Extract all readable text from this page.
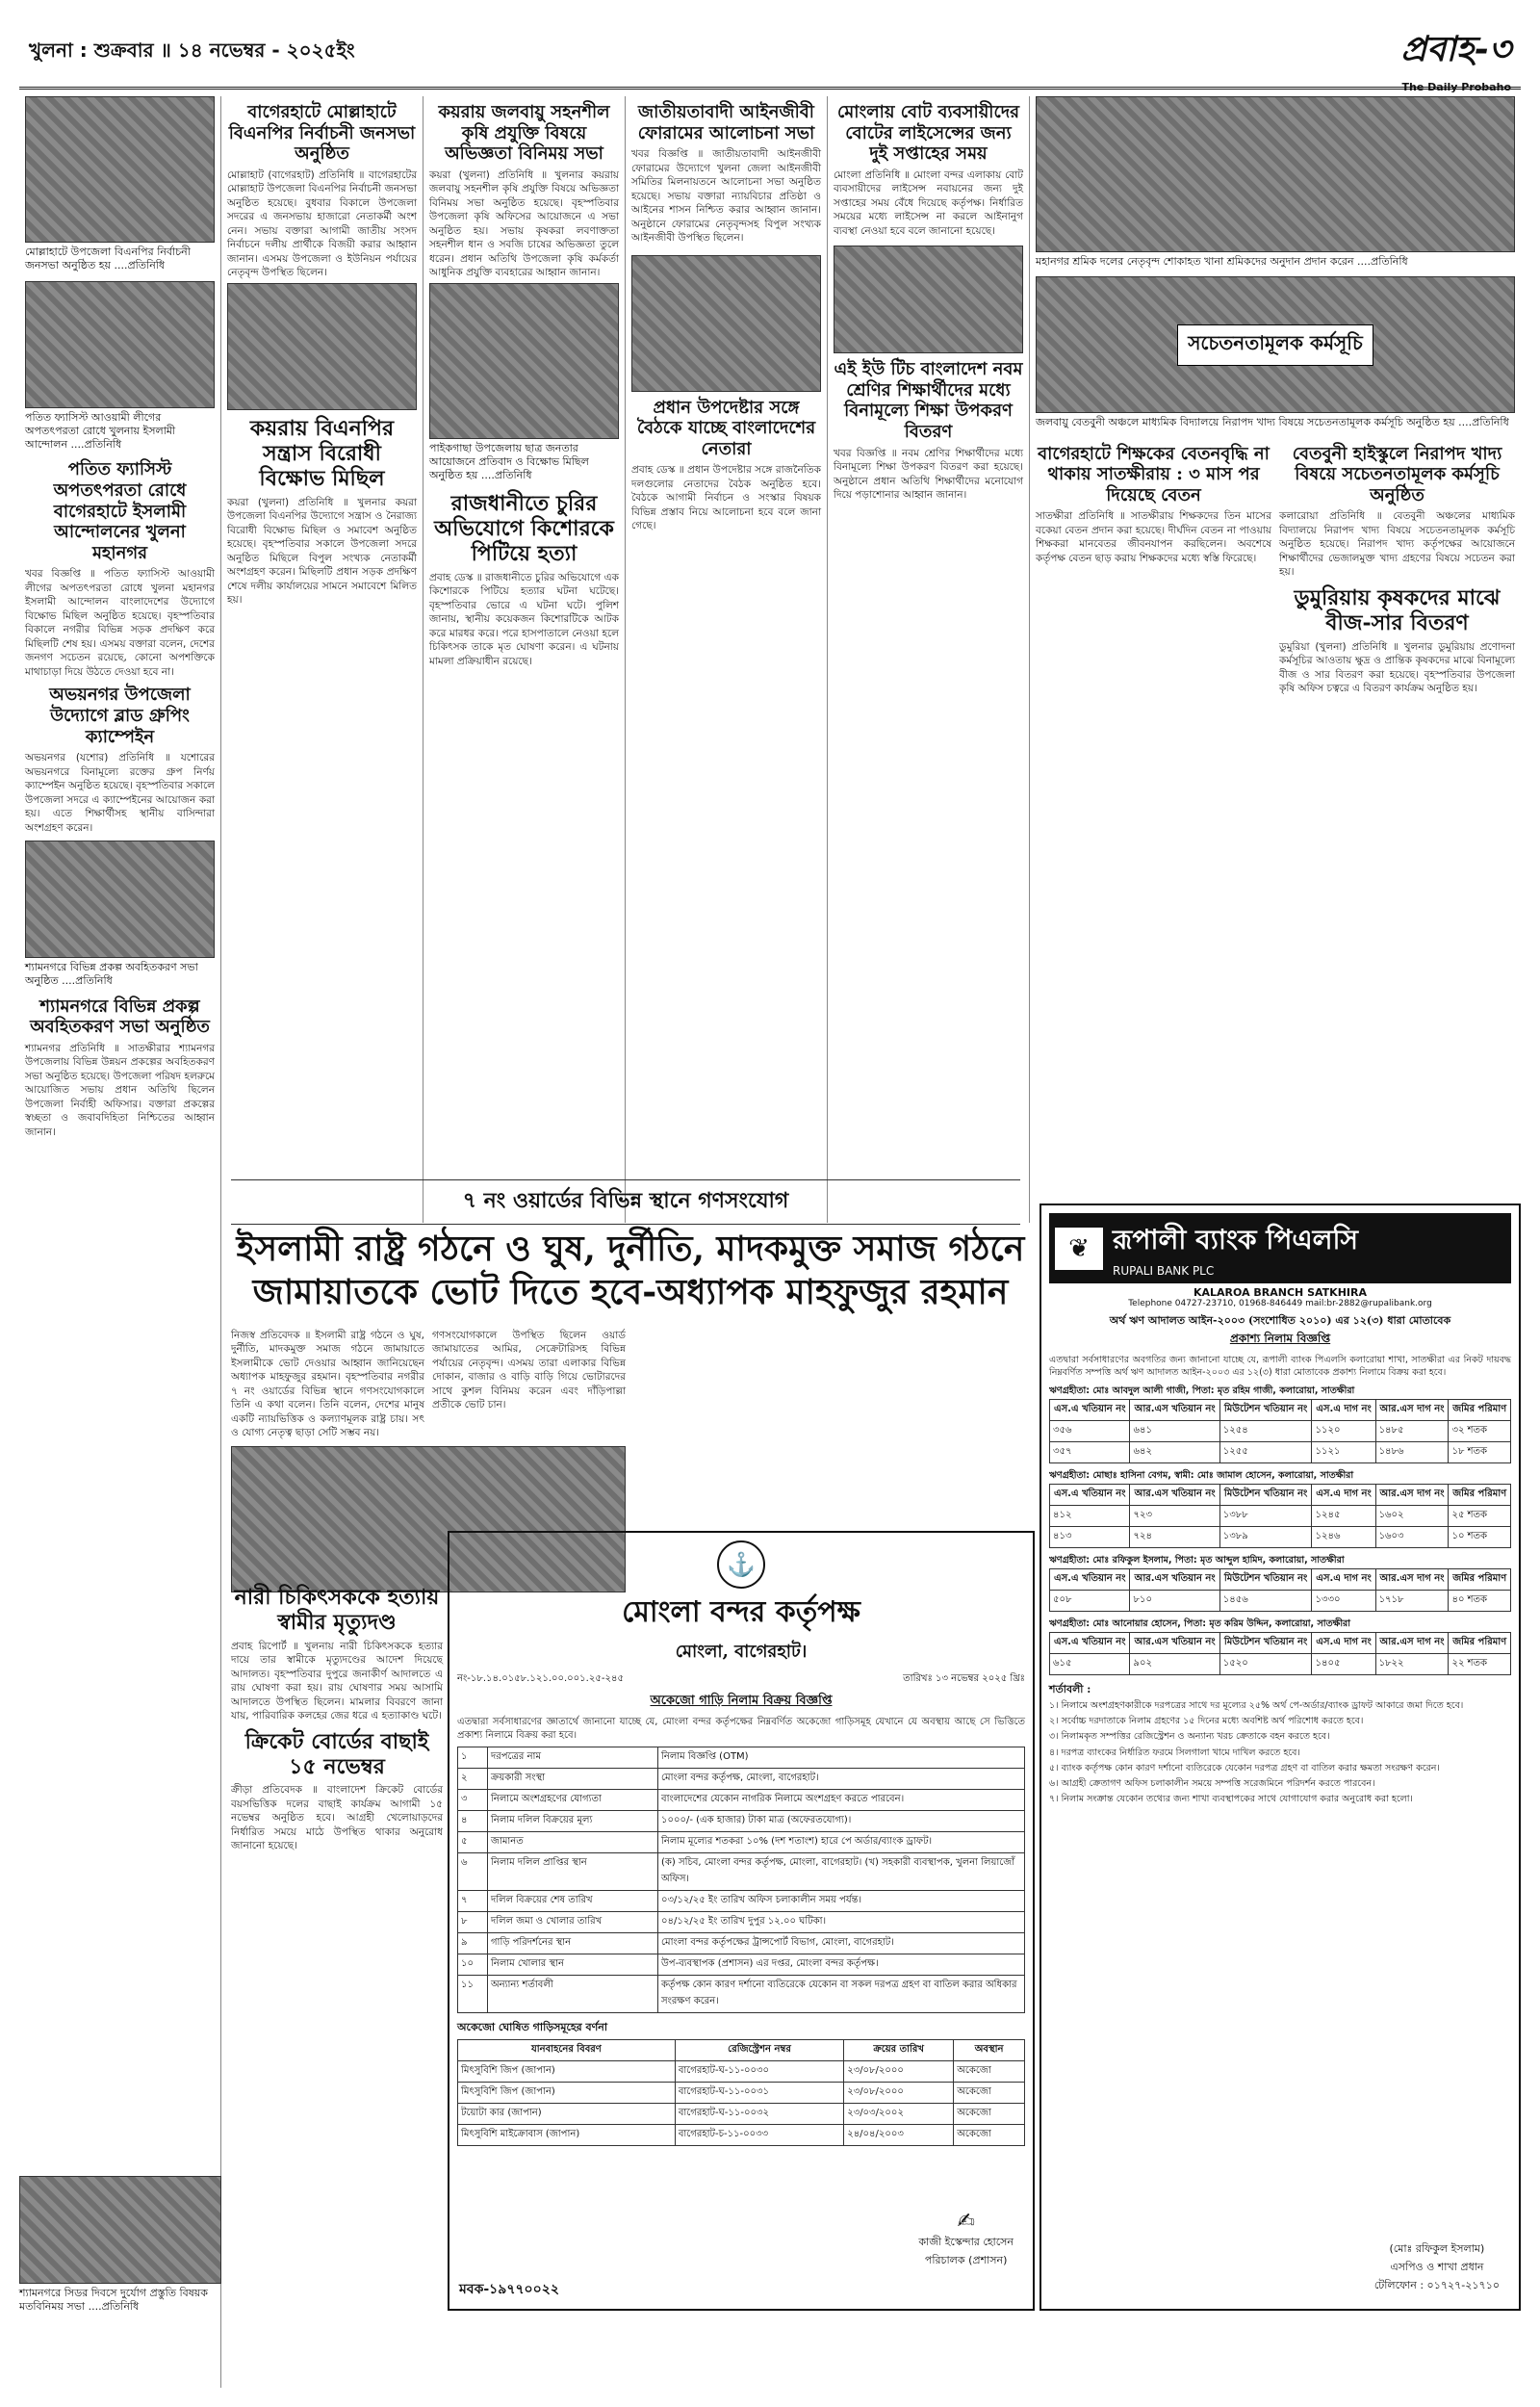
খুলনা : শুক্রবার ॥ ১৪ নভেম্বর - ২০২৫ইং	প্রবাহ-৩
The Daily Probaho
মোল্লাহাটে উপজেলা বিএনপির নির্বাচনী জনসভা অনুষ্ঠিত হয় ....প্রতিনিধি
পতিত ফ্যাসিস্ট আওয়ামী লীগের অপতৎপরতা রোধে খুলনায় ইসলামী আন্দোলন ....প্রতিনিধি
পতিত ফ্যাসিস্ট অপতৎপরতা রোধে বাগেরহাটে ইসলামী আন্দোলনের খুলনা মহানগর

খবর বিজ্ঞপ্তি ॥ পতিত ফ্যাসিস্ট আওয়ামী লীগের অপতৎপরতা রোধে খুলনা মহানগর ইসলামী আন্দোলন বাংলাদেশের উদ্যোগে বিক্ষোভ মিছিল অনুষ্ঠিত হয়েছে। বৃহস্পতিবার বিকালে নগরীর বিভিন্ন সড়ক প্রদক্ষিণ করে মিছিলটি শেষ হয়। এসময় বক্তারা বলেন, দেশের জনগণ সচেতন রয়েছে, কোনো অপশক্তিকে মাথাচাড়া দিয়ে উঠতে দেওয়া হবে না।

অভয়নগর উপজেলা উদ্যোগে ব্লাড গ্রুপিং ক্যাম্পেইন

অভয়নগর (যশোর) প্রতিনিধি ॥ যশোরের অভয়নগরে বিনামূল্যে রক্তের গ্রুপ নির্ণয় ক্যাম্পেইন অনুষ্ঠিত হয়েছে। বৃহস্পতিবার সকালে উপজেলা সদরে এ ক্যাম্পেইনের আয়োজন করা হয়। এতে শিক্ষার্থীসহ স্থানীয় বাসিন্দারা অংশগ্রহণ করেন।

শ্যামনগরে বিভিন্ন প্রকল্প অবহিতকরণ সভা অনুষ্ঠিত ....প্রতিনিধি
শ্যামনগরে বিভিন্ন প্রকল্প অবহিতকরণ সভা অনুষ্ঠিত

শ্যামনগর প্রতিনিধি ॥ সাতক্ষীরার শ্যামনগর উপজেলায় বিভিন্ন উন্নয়ন প্রকল্পের অবহিতকরণ সভা অনুষ্ঠিত হয়েছে। উপজেলা পরিষদ হলরুমে আয়োজিত সভায় প্রধান অতিথি ছিলেন উপজেলা নির্বাহী অফিসার। বক্তারা প্রকল্পের স্বচ্ছতা ও জবাবদিহিতা নিশ্চিতের আহ্বান জানান।

বাগেরহাটে মোল্লাহাটে বিএনপির নির্বাচনী জনসভা অনুষ্ঠিত

মোল্লাহাট (বাগেরহাট) প্রতিনিধি ॥ বাগেরহাটের মোল্লাহাট উপজেলা বিএনপির নির্বাচনী জনসভা অনুষ্ঠিত হয়েছে। বুধবার বিকালে উপজেলা সদরের এ জনসভায় হাজারো নেতাকর্মী অংশ নেন। সভায় বক্তারা আগামী জাতীয় সংসদ নির্বাচনে দলীয় প্রার্থীকে বিজয়ী করার আহ্বান জানান। এসময় উপজেলা ও ইউনিয়ন পর্যায়ের নেতৃবৃন্দ উপস্থিত ছিলেন।

কয়রায় বিএনপির সন্ত্রাস বিরোধী বিক্ষোভ মিছিল

কয়রা (খুলনা) প্রতিনিধি ॥ খুলনার কয়রা উপজেলা বিএনপির উদ্যোগে সন্ত্রাস ও নৈরাজ্য বিরোধী বিক্ষোভ মিছিল ও সমাবেশ অনুষ্ঠিত হয়েছে। বৃহস্পতিবার সকালে উপজেলা সদরে অনুষ্ঠিত মিছিলে বিপুল সংখ্যক নেতাকর্মী অংশগ্রহণ করেন। মিছিলটি প্রধান সড়ক প্রদক্ষিণ শেষে দলীয় কার্যালয়ের সামনে সমাবেশে মিলিত হয়।

কয়রায় জলবায়ু সহনশীল কৃষি প্রযুক্তি বিষয়ে অভিজ্ঞতা বিনিময় সভা

কয়রা (খুলনা) প্রতিনিধি ॥ খুলনার কয়রায় জলবায়ু সহনশীল কৃষি প্রযুক্তি বিষয়ে অভিজ্ঞতা বিনিময় সভা অনুষ্ঠিত হয়েছে। বৃহস্পতিবার উপজেলা কৃষি অফিসের আয়োজনে এ সভা অনুষ্ঠিত হয়। সভায় কৃষকরা লবণাক্ততা সহনশীল ধান ও সবজি চাষের অভিজ্ঞতা তুলে ধরেন। প্রধান অতিথি উপজেলা কৃষি কর্মকর্তা আধুনিক প্রযুক্তি ব্যবহারের আহ্বান জানান।

পাইকগাছা উপজেলায় ছাত্র জনতার আয়োজনে প্রতিবাদ ও বিক্ষোভ মিছিল অনুষ্ঠিত হয় ....প্রতিনিধি
রাজধানীতে চুরির অভিযোগে কিশোরকে পিটিয়ে হত্যা

প্রবাহ ডেস্ক ॥ রাজধানীতে চুরির অভিযোগে এক কিশোরকে পিটিয়ে হত্যার ঘটনা ঘটেছে। বৃহস্পতিবার ভোরে এ ঘটনা ঘটে। পুলিশ জানায়, স্থানীয় কয়েকজন কিশোরটিকে আটক করে মারধর করে। পরে হাসপাতালে নেওয়া হলে চিকিৎসক তাকে মৃত ঘোষণা করেন। এ ঘটনায় মামলা প্রক্রিয়াধীন রয়েছে।

জাতীয়তাবাদী আইনজীবী ফোরামের আলোচনা সভা

খবর বিজ্ঞপ্তি ॥ জাতীয়তাবাদী আইনজীবী ফোরামের উদ্যোগে খুলনা জেলা আইনজীবী সমিতির মিলনায়তনে আলোচনা সভা অনুষ্ঠিত হয়েছে। সভায় বক্তারা ন্যায়বিচার প্রতিষ্ঠা ও আইনের শাসন নিশ্চিত করার আহ্বান জানান। অনুষ্ঠানে ফোরামের নেতৃবৃন্দসহ বিপুল সংখ্যক আইনজীবী উপস্থিত ছিলেন।

প্রধান উপদেষ্টার সঙ্গে বৈঠকে যাচ্ছে বাংলাদেশের নেতারা

প্রবাহ ডেস্ক ॥ প্রধান উপদেষ্টার সঙ্গে রাজনৈতিক দলগুলোর নেতাদের বৈঠক অনুষ্ঠিত হবে। বৈঠকে আগামী নির্বাচন ও সংস্কার বিষয়ক বিভিন্ন প্রস্তাব নিয়ে আলোচনা হবে বলে জানা গেছে।

মোংলায় বোট ব্যবসায়ীদের বোটের লাইসেন্সের জন্য দুই সপ্তাহের সময়

মোংলা প্রতিনিধি ॥ মোংলা বন্দর এলাকায় বোট ব্যবসায়ীদের লাইসেন্স নবায়নের জন্য দুই সপ্তাহের সময় বেঁধে দিয়েছে কর্তৃপক্ষ। নির্ধারিত সময়ের মধ্যে লাইসেন্স না করলে আইনানুগ ব্যবস্থা নেওয়া হবে বলে জানানো হয়েছে।

এই ইউ টিচ বাংলাদেশ নবম শ্রেণির শিক্ষার্থীদের মধ্যে বিনামূল্যে শিক্ষা উপকরণ বিতরণ

খবর বিজ্ঞপ্তি ॥ নবম শ্রেণির শিক্ষার্থীদের মধ্যে বিনামূল্যে শিক্ষা উপকরণ বিতরণ করা হয়েছে। অনুষ্ঠানে প্রধান অতিথি শিক্ষার্থীদের মনোযোগ দিয়ে পড়াশোনার আহ্বান জানান।

মহানগর শ্রমিক দলের নেতৃবৃন্দ শোকাহত খানা শ্রমিকদের অনুদান প্রদান করেন ....প্রতিনিধি
সচেতনতামূলক কর্মসূচি
জলবায়ু বেতবুনী অঞ্চলে মাধ্যমিক বিদ্যালয়ে নিরাপদ খাদ্য বিষয়ে সচেতনতামূলক কর্মসূচি অনুষ্ঠিত হয় ....প্রতিনিধি
বাগেরহাটে শিক্ষকের বেতনবৃদ্ধি না থাকায় সাতক্ষীরায় : ৩ মাস পর দিয়েছে বেতন

সাতক্ষীরা প্রতিনিধি ॥ সাতক্ষীরায় শিক্ষকদের তিন মাসের বকেয়া বেতন প্রদান করা হয়েছে। দীর্ঘদিন বেতন না পাওয়ায় শিক্ষকরা মানবেতর জীবনযাপন করছিলেন। অবশেষে কর্তৃপক্ষ বেতন ছাড় করায় শিক্ষকদের মধ্যে স্বস্তি ফিরেছে।

বেতবুনী হাইস্কুলে নিরাপদ খাদ্য বিষয়ে সচেতনতামূলক কর্মসূচি অনুষ্ঠিত

কলারোয়া প্রতিনিধি ॥ বেতবুনী অঞ্চলের মাধ্যমিক বিদ্যালয়ে নিরাপদ খাদ্য বিষয়ে সচেতনতামূলক কর্মসূচি অনুষ্ঠিত হয়েছে। নিরাপদ খাদ্য কর্তৃপক্ষের আয়োজনে শিক্ষার্থীদের ভেজালমুক্ত খাদ্য গ্রহণের বিষয়ে সচেতন করা হয়।

ডুমুরিয়ায় কৃষকদের মাঝে বীজ-সার বিতরণ

ডুমুরিয়া (খুলনা) প্রতিনিধি ॥ খুলনার ডুমুরিয়ায় প্রণোদনা কর্মসূচির আওতায় ক্ষুদ্র ও প্রান্তিক কৃষকদের মাঝে বিনামূল্যে বীজ ও সার বিতরণ করা হয়েছে। বৃহস্পতিবার উপজেলা কৃষি অফিস চত্বরে এ বিতরণ কার্যক্রম অনুষ্ঠিত হয়।

৭ নং ওয়ার্ডের বিভিন্ন স্থানে গণসংযোগ
ইসলামী রাষ্ট্র গঠনে ও ঘুষ, দুর্নীতি, মাদকমুক্ত সমাজ গঠনে জামায়াতকে ভোট দিতে হবে-অধ্যাপক মাহফুজুর রহমান

নিজস্ব প্রতিবেদক ॥ ইসলামী রাষ্ট্র গঠনে ও ঘুষ, দুর্নীতি, মাদকমুক্ত সমাজ গঠনে জামায়াতে ইসলামীকে ভোট দেওয়ার আহ্বান জানিয়েছেন অধ্যাপক মাহফুজুর রহমান। বৃহস্পতিবার নগরীর ৭ নং ওয়ার্ডের বিভিন্ন স্থানে গণসংযোগকালে তিনি এ কথা বলেন। তিনি বলেন, দেশের মানুষ একটি ন্যায়ভিত্তিক ও কল্যাণমূলক রাষ্ট্র চায়। সৎ ও যোগ্য নেতৃত্ব ছাড়া সেটি সম্ভব নয়।

গণসংযোগকালে উপস্থিত ছিলেন ওয়ার্ড জামায়াতের আমির, সেক্রেটারিসহ বিভিন্ন পর্যায়ের নেতৃবৃন্দ। এসময় তারা এলাকার বিভিন্ন দোকান, বাজার ও বাড়ি বাড়ি গিয়ে ভোটারদের সাথে কুশল বিনিময় করেন এবং দাঁড়িপাল্লা প্রতীকে ভোট চান।

নারী চিকিৎসককে হত্যায় স্বামীর মৃত্যুদণ্ড

প্রবাহ রিপোর্ট ॥ খুলনায় নারী চিকিৎসককে হত্যার দায়ে তার স্বামীকে মৃত্যুদণ্ডের আদেশ দিয়েছে আদালত। বৃহস্পতিবার দুপুরে জনাকীর্ণ আদালতে এ রায় ঘোষণা করা হয়। রায় ঘোষণার সময় আসামি আদালতে উপস্থিত ছিলেন। মামলার বিবরণে জানা যায়, পারিবারিক কলহের জের ধরে এ হত্যাকাণ্ড ঘটে।

ক্রিকেট বোর্ডের বাছাই ১৫ নভেম্বর

ক্রীড়া প্রতিবেদক ॥ বাংলাদেশ ক্রিকেট বোর্ডের বয়সভিত্তিক দলের বাছাই কার্যক্রম আগামী ১৫ নভেম্বর অনুষ্ঠিত হবে। আগ্রহী খেলোয়াড়দের নির্ধারিত সময়ে মাঠে উপস্থিত থাকার অনুরোধ জানানো হয়েছে।

⚓
মোংলা বন্দর কর্তৃপক্ষ
মোংলা, বাগেরহাট।
নং-১৮.১৪.০১৫৮.১২১.০০.০০১.২৫-২৪৫	তারিখঃ ১৩ নভেম্বর ২০২৫ খ্রিঃ
অকেজো গাড়ি নিলাম বিক্রয় বিজ্ঞপ্তি
এতদ্বারা সর্বসাধারণের জ্ঞাতার্থে জানানো যাচ্ছে যে, মোংলা বন্দর কর্তৃপক্ষের নিম্নবর্ণিত অকেজো গাড়িসমূহ যেখানে যে অবস্থায় আছে সে ভিত্তিতে প্রকাশ্য নিলামে বিক্রয় করা হবে।
১	দরপত্রের নাম	নিলাম বিজ্ঞপ্তি (OTM)
২	ক্রয়কারী সংস্থা	মোংলা বন্দর কর্তৃপক্ষ, মোংলা, বাগেরহাট।
৩	নিলামে অংশগ্রহণের যোগ্যতা	বাংলাদেশের যেকোন নাগরিক নিলামে অংশগ্রহণ করতে পারবেন।
৪	নিলাম দলিল বিক্রয়ের মূল্য	১০০০/- (এক হাজার) টাকা মাত্র (অফেরতযোগ্য)।
৫	জামানত	নিলাম মূল্যের শতকরা ১০% (দশ শতাংশ) হারে পে অর্ডার/ব্যাংক ড্রাফট।
৬	নিলাম দলিল প্রাপ্তির স্থান	(ক) সচিব, মোংলা বন্দর কর্তৃপক্ষ, মোংলা, বাগেরহাট। (খ) সহকারী ব্যবস্থাপক, খুলনা লিয়াজোঁ অফিস।
৭	দলিল বিক্রয়ের শেষ তারিখ	০৩/১২/২৫ ইং তারিখ অফিস চলাকালীন সময় পর্যন্ত।
৮	দলিল জমা ও খোলার তারিখ	০৪/১২/২৫ ইং তারিখ দুপুর ১২.০০ ঘটিকা।
৯	গাড়ি পরিদর্শনের স্থান	মোংলা বন্দর কর্তৃপক্ষের ট্রান্সপোর্ট বিভাগ, মোংলা, বাগেরহাট।
১০	নিলাম খোলার স্থান	উপ-ব্যবস্থাপক (প্রশাসন) এর দপ্তর, মোংলা বন্দর কর্তৃপক্ষ।
১১	অন্যান্য শর্তাবলী	কর্তৃপক্ষ কোন কারণ দর্শানো ব্যতিরেকে যেকোন বা সকল দরপত্র গ্রহণ বা বাতিল করার অধিকার সংরক্ষণ করেন।
অকেজো ঘোষিত গাড়িসমূহের বর্ণনা
যানবাহনের বিবরণ	রেজিস্ট্রেশন নম্বর	ক্রয়ের তারিখ	অবস্থান
মিৎসুবিশি জিপ (জাপান)	বাগেরহাট-ঘ-১১-০০৩০	২৩/০৮/২০০০	অকেজো
মিৎসুবিশি জিপ (জাপান)	বাগেরহাট-ঘ-১১-০০৩১	২৩/০৮/২০০০	অকেজো
টয়োটা কার (জাপান)	বাগেরহাট-ঘ-১১-০০৩২	২৩/০৩/২০০২	অকেজো
মিৎসুবিশি মাইক্রোবাস (জাপান)	বাগেরহাট-চ-১১-০০৩৩	২৪/০৪/২০০৩	অকেজো
✍
কাজী ইস্কেন্দার হোসেন
পরিচালক (প্রশাসন)
মবক-১৯৭৭০০২২
❦ রূপালী ব্যাংক পিএলসি
RUPALI BANK PLC
KALAROA BRANCH SATKHIRA
Telephone 04727-23710, 01968-846449 mail:br-2882@rupalibank.org
অর্থ ঋণ আদালত আইন-২০০৩ (সংশোধিত ২০১০) এর ১২(৩) ধারা মোতাবেক
প্রকাশ্য নিলাম বিজ্ঞপ্তি
এতদ্বারা সর্বসাধারণের অবগতির জন্য জানানো যাচ্ছে যে, রূপালী ব্যাংক পিএলসি কলারোয়া শাখা, সাতক্ষীরা এর নিকট দায়বদ্ধ নিম্নবর্ণিত সম্পত্তি অর্থ ঋণ আদালত আইন-২০০৩ এর ১২(৩) ধারা মোতাবেক প্রকাশ্য নিলামে বিক্রয় করা হবে।
ঋণগ্রহীতা: মোঃ আবদুল আলী গাজী, পিতা: মৃত রহিম গাজী, কলারোয়া, সাতক্ষীরা
এস.এ খতিয়ান নং	আর.এস খতিয়ান নং	মিউটেশন খতিয়ান নং	এস.এ দাগ নং	আর.এস দাগ নং	জমির পরিমাণ
৩৫৬	৬৪১	১২৫৪	১১২০	১৪৮৫	৩২ শতক
৩৫৭	৬৪২	১২৫৫	১১২১	১৪৮৬	১৮ শতক
ঋণগ্রহীতা: মোছাঃ হাসিনা বেগম, স্বামী: মোঃ জামাল হোসেন, কলারোয়া, সাতক্ষীরা
এস.এ খতিয়ান নং	আর.এস খতিয়ান নং	মিউটেশন খতিয়ান নং	এস.এ দাগ নং	আর.এস দাগ নং	জমির পরিমাণ
৪১২	৭২৩	১৩৮৮	১২৪৫	১৬০২	২৫ শতক
৪১৩	৭২৪	১৩৮৯	১২৪৬	১৬০৩	১০ শতক
ঋণগ্রহীতা: মোঃ রফিকুল ইসলাম, পিতা: মৃত আব্দুল হামিদ, কলারোয়া, সাতক্ষীরা
এস.এ খতিয়ান নং	আর.এস খতিয়ান নং	মিউটেশন খতিয়ান নং	এস.এ দাগ নং	আর.এস দাগ নং	জমির পরিমাণ
৫০৮	৮১০	১৪৫৬	১৩৩০	১৭১৮	৪০ শতক
ঋণগ্রহীতা: মোঃ আনোয়ার হোসেন, পিতা: মৃত করিম উদ্দিন, কলারোয়া, সাতক্ষীরা
এস.এ খতিয়ান নং	আর.এস খতিয়ান নং	মিউটেশন খতিয়ান নং	এস.এ দাগ নং	আর.এস দাগ নং	জমির পরিমাণ
৬১৫	৯০২	১৫২০	১৪০৫	১৮২২	২২ শতক
শর্তাবলী :

১। নিলামে অংশগ্রহণকারীকে দরপত্রের সাথে দর মূল্যের ২৫% অর্থ পে-অর্ডার/ব্যাংক ড্রাফট আকারে জমা দিতে হবে।

২। সর্বোচ্চ দরদাতাকে নিলাম গ্রহণের ১৫ দিনের মধ্যে অবশিষ্ট অর্থ পরিশোধ করতে হবে।

৩। নিলামকৃত সম্পত্তির রেজিস্ট্রেশন ও অন্যান্য খরচ ক্রেতাকে বহন করতে হবে।

৪। দরপত্র ব্যাংকের নির্ধারিত ফরমে সিলগালা খামে দাখিল করতে হবে।

৫। ব্যাংক কর্তৃপক্ষ কোন কারণ দর্শানো ব্যতিরেকে যেকোন দরপত্র গ্রহণ বা বাতিল করার ক্ষমতা সংরক্ষণ করেন।

৬। আগ্রহী ক্রেতাগণ অফিস চলাকালীন সময়ে সম্পত্তি সরেজমিনে পরিদর্শন করতে পারবেন।

৭। নিলাম সংক্রান্ত যেকোন তথ্যের জন্য শাখা ব্যবস্থাপকের সাথে যোগাযোগ করার অনুরোধ করা হলো।

(মোঃ রফিকুল ইসলাম)
এসপিও ও শাখা প্রধান
টেলিফোন : ০১৭২৭-২১৭১০
শ্যামনগরে সিডর দিবসে দুর্যোগ প্রস্তুতি বিষয়ক মতবিনিময় সভা ....প্রতিনিধি
